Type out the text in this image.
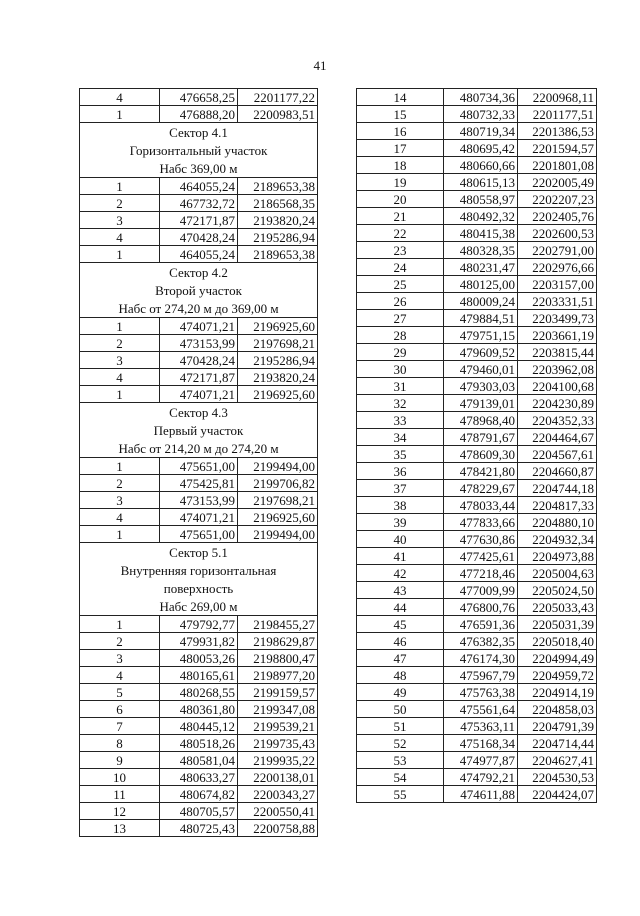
41
4	476658,25	2201177,22
1	476888,20	2200983,51
Сектор 4.1		
Горизонтальный участок		
Набс 369,00 м		
1	464055,24	2189653,38
2	467732,72	2186568,35
3	472171,87	2193820,24
4	470428,24	2195286,94
1	464055,24	2189653,38
Сектор 4.2		
Второй участок		
Набс от 274,20 м до 369,00 м		
1	474071,21	2196925,60
2	473153,99	2197698,21
3	470428,24	2195286,94
4	472171,87	2193820,24
1	474071,21	2196925,60
Сектор 4.3		
Первый участок		
Набс от 214,20 м до 274,20 м		
1	475651,00	2199494,00
2	475425,81	2199706,82
3	473153,99	2197698,21
4	474071,21	2196925,60
1	475651,00	2199494,00
Сектор 5.1		
Внутренняя горизонтальная		
поверхность		
Набс 269,00 м		
1	479792,77	2198455,27
2	479931,82	2198629,87
3	480053,26	2198800,47
4	480165,61	2198977,20
5	480268,55	2199159,57
6	480361,80	2199347,08
7	480445,12	2199539,21
8	480518,26	2199735,43
9	480581,04	2199935,22
10	480633,27	2200138,01
11	480674,82	2200343,27
12	480705,57	2200550,41
13	480725,43	2200758,88
14	480734,36	2200968,11
15	480732,33	2201177,51
16	480719,34	2201386,53
17	480695,42	2201594,57
18	480660,66	2201801,08
19	480615,13	2202005,49
20	480558,97	2202207,23
21	480492,32	2202405,76
22	480415,38	2202600,53
23	480328,35	2202791,00
24	480231,47	2202976,66
25	480125,00	2203157,00
26	480009,24	2203331,51
27	479884,51	2203499,73
28	479751,15	2203661,19
29	479609,52	2203815,44
30	479460,01	2203962,08
31	479303,03	2204100,68
32	479139,01	2204230,89
33	478968,40	2204352,33
34	478791,67	2204464,67
35	478609,30	2204567,61
36	478421,80	2204660,87
37	478229,67	2204744,18
38	478033,44	2204817,33
39	477833,66	2204880,10
40	477630,86	2204932,34
41	477425,61	2204973,88
42	477218,46	2205004,63
43	477009,99	2205024,50
44	476800,76	2205033,43
45	476591,36	2205031,39
46	476382,35	2205018,40
47	476174,30	2204994,49
48	475967,79	2204959,72
49	475763,38	2204914,19
50	475561,64	2204858,03
51	475363,11	2204791,39
52	475168,34	2204714,44
53	474977,87	2204627,41
54	474792,21	2204530,53
55	474611,88	2204424,07
